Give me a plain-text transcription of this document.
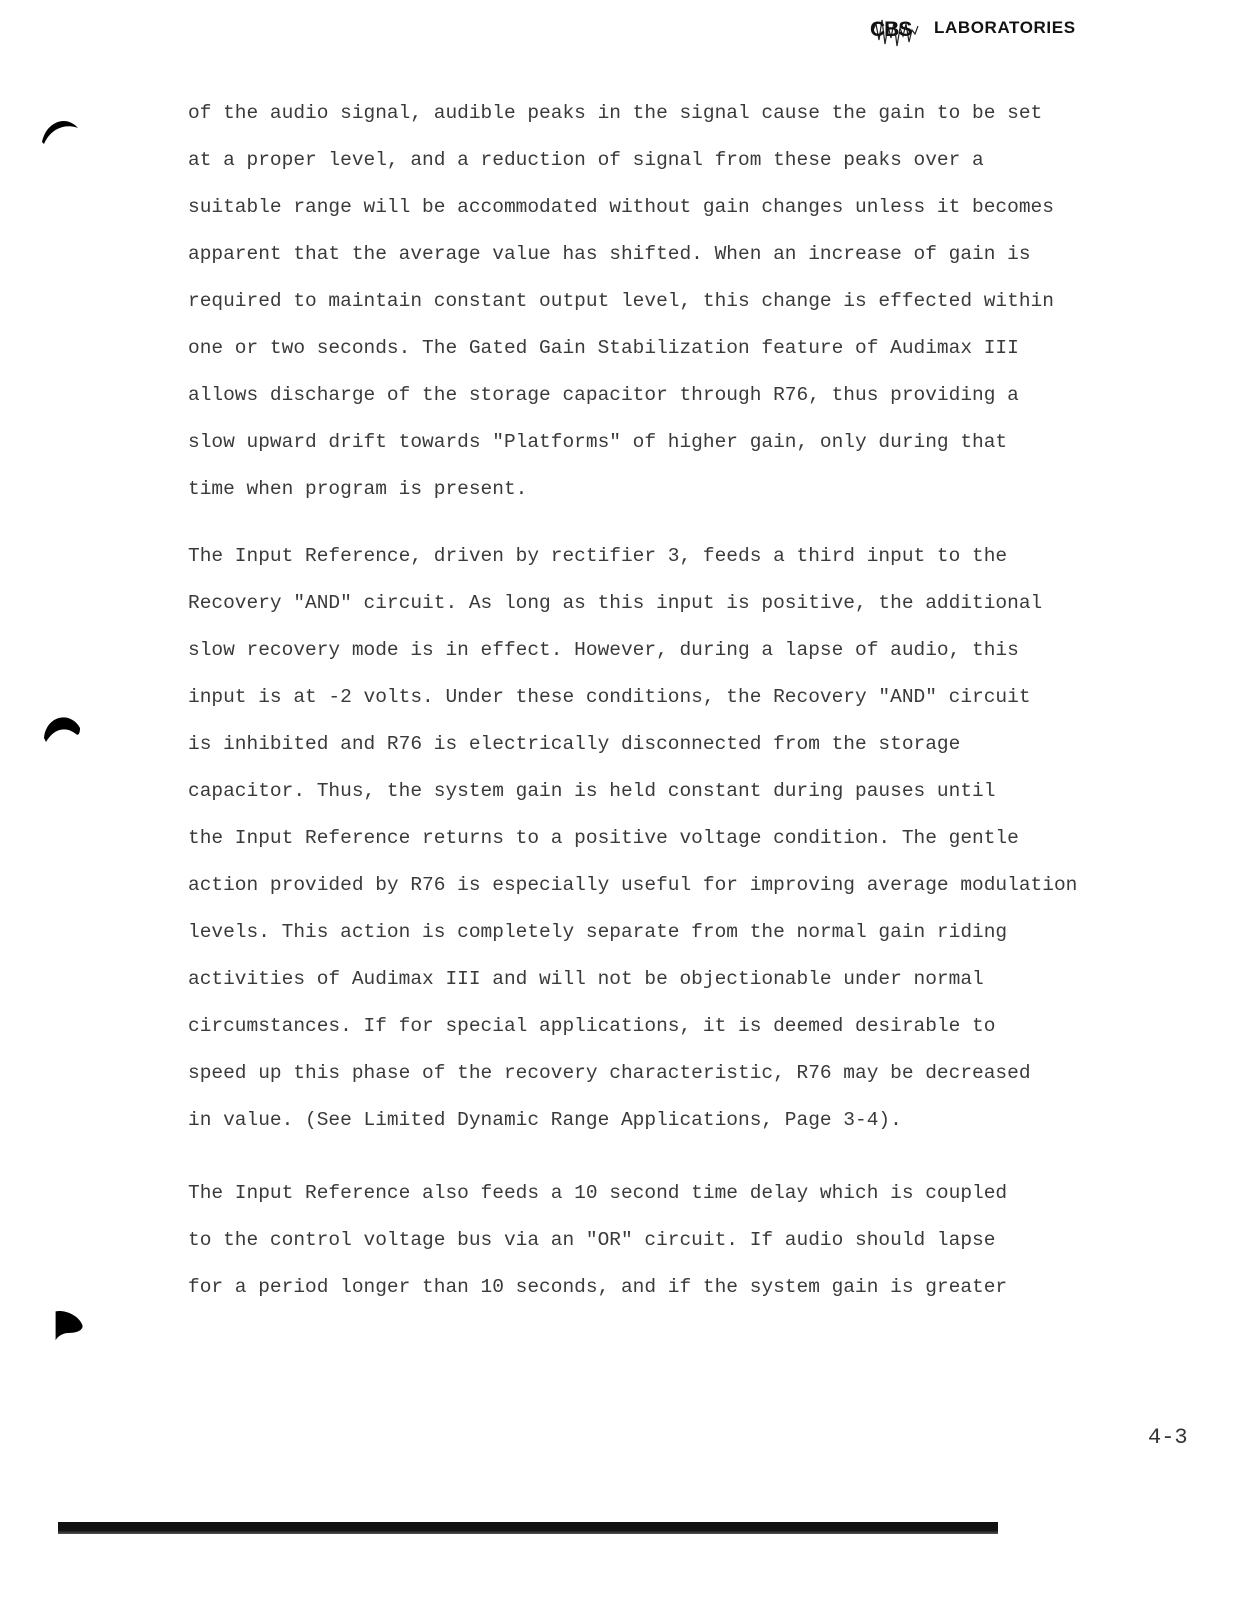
CBS LABORATORIES
of the audio signal, audible peaks in the signal cause the gain to be set
at a proper level, and a reduction of signal from these peaks over a
suitable range will be accommodated without gain changes unless it becomes
apparent that the average value has shifted. When an increase of gain is
required to maintain constant output level, this change is effected within
one or two seconds. The Gated Gain Stabilization feature of Audimax III
allows discharge of the storage capacitor through R76, thus providing a
slow upward drift towards "Platforms" of higher gain, only during that
time when program is present.
The Input Reference, driven by rectifier 3, feeds a third input to the
Recovery "AND" circuit. As long as this input is positive, the additional
slow recovery mode is in effect. However, during a lapse of audio, this
input is at -2 volts. Under these conditions, the Recovery "AND" circuit
is inhibited and R76 is electrically disconnected from the storage
capacitor. Thus, the system gain is held constant during pauses until
the Input Reference returns to a positive voltage condition. The gentle
action provided by R76 is especially useful for improving average modulation
levels. This action is completely separate from the normal gain riding
activities of Audimax III and will not be objectionable under normal
circumstances. If for special applications, it is deemed desirable to
speed up this phase of the recovery characteristic, R76 may be decreased
in value. (See Limited Dynamic Range Applications, Page 3-4).
The Input Reference also feeds a 10 second time delay which is coupled
to the control voltage bus via an "OR" circuit. If audio should lapse
for a period longer than 10 seconds, and if the system gain is greater
4-3
